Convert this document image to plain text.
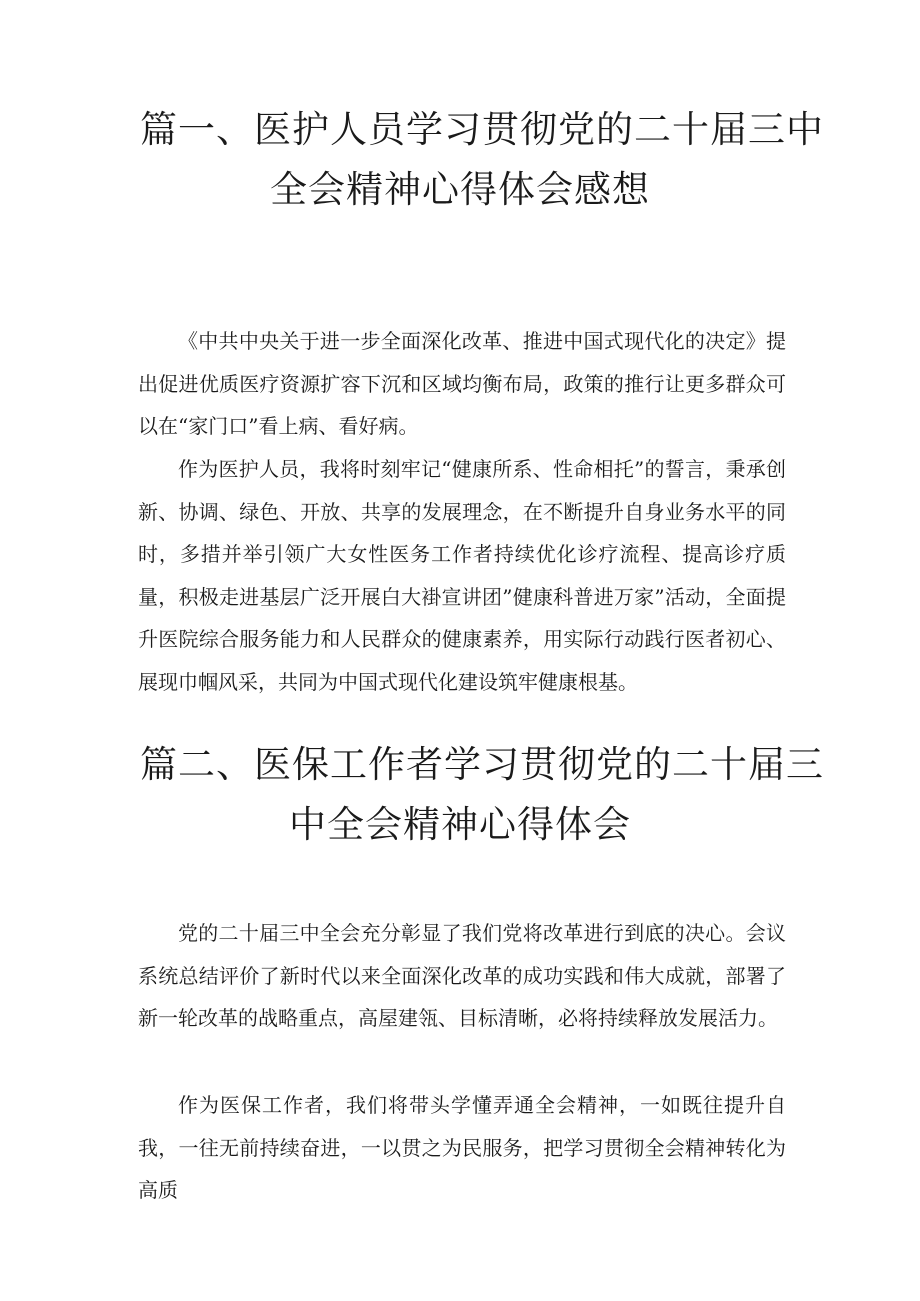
篇一、医护人员学习贯彻党的二十届三中
全会精神心得体会感想

《中共中央关于进一步全面深化改革、推进中国式现代化的决定》提出促进优质医疗资源扩容下沉和区域均衡布局，政策的推行让更多群众可以在“家门口”看上病、看好病。

作为医护人员，我将时刻牢记“健康所系、性命相托”的誓言，秉承创新、协调、绿色、开放、共享的发展理念，在不断提升自身业务水平的同时，多措并举引领广大女性医务工作者持续优化诊疗流程、提高诊疗质量，积极走进基层广泛开展白大褂宣讲团”健康科普进万家”活动，全面提升医院综合服务能力和人民群众的健康素养，用实际行动践行医者初心、展现巾帼风采，共同为中国式现代化建设筑牢健康根基。

篇二、医保工作者学习贯彻党的二十届三
中全会精神心得体会

党的二十届三中全会充分彰显了我们党将改革进行到底的决心。会议系统总结评价了新时代以来全面深化改革的成功实践和伟大成就，部署了新一轮改革的战略重点，高屋建瓴、目标清晰，必将持续释放发展活力。

作为医保工作者，我们将带头学懂弄通全会精神，一如既往提升自我，一往无前持续奋进，一以贯之为民服务，把学习贯彻全会精神转化为高质
